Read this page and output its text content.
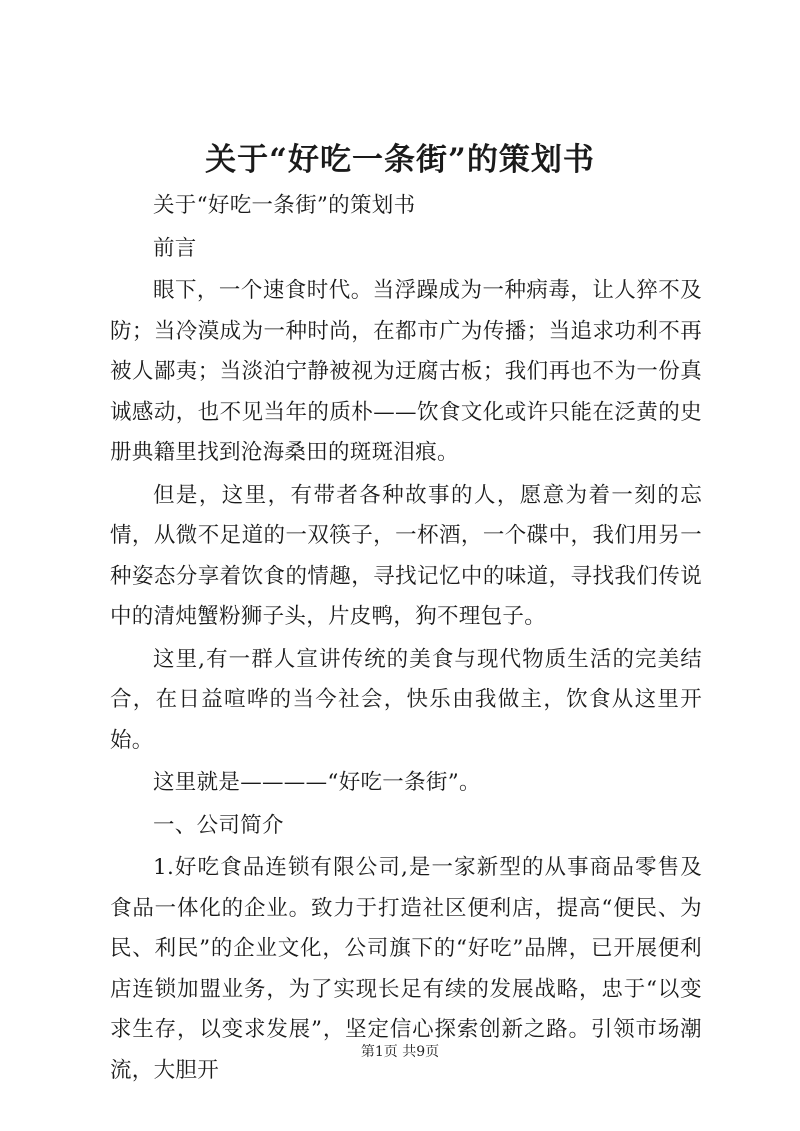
关于“好吃一条街”的策划书

关于“好吃一条街”的策划书

前言

眼下，一个速食时代。当浮躁成为一种病毒，让人猝不及防；当冷漠成为一种时尚，在都市广为传播；当追求功利不再被人鄙夷；当淡泊宁静被视为迂腐古板；我们再也不为一份真诚感动，也不见当年的质朴——饮食文化或许只能在泛黄的史册典籍里找到沧海桑田的斑斑泪痕。

但是，这里，有带者各种故事的人，愿意为着一刻的忘情，从微不足道的一双筷子，一杯酒，一个碟中，我们用另一种姿态分享着饮食的情趣，寻找记忆中的味道，寻找我们传说中的清炖蟹粉狮子头，片皮鸭，狗不理包子。

这里,有一群人宣讲传统的美食与现代物质生活的完美结合，在日益喧哗的当今社会，快乐由我做主，饮食从这里开始。

这里就是————“好吃一条街”。

一、公司简介

1.好吃食品连锁有限公司,是一家新型的从事商品零售及食品一体化的企业。致力于打造社区便利店，提高“便民、为民、利民”的企业文化，公司旗下的“好吃”品牌，已开展便利店连锁加盟业务，为了实现长足有续的发展战略，忠于“以变求生存，以变求发展”，坚定信心探索创新之路。引领市场潮流，大胆开

第1页 共9页
